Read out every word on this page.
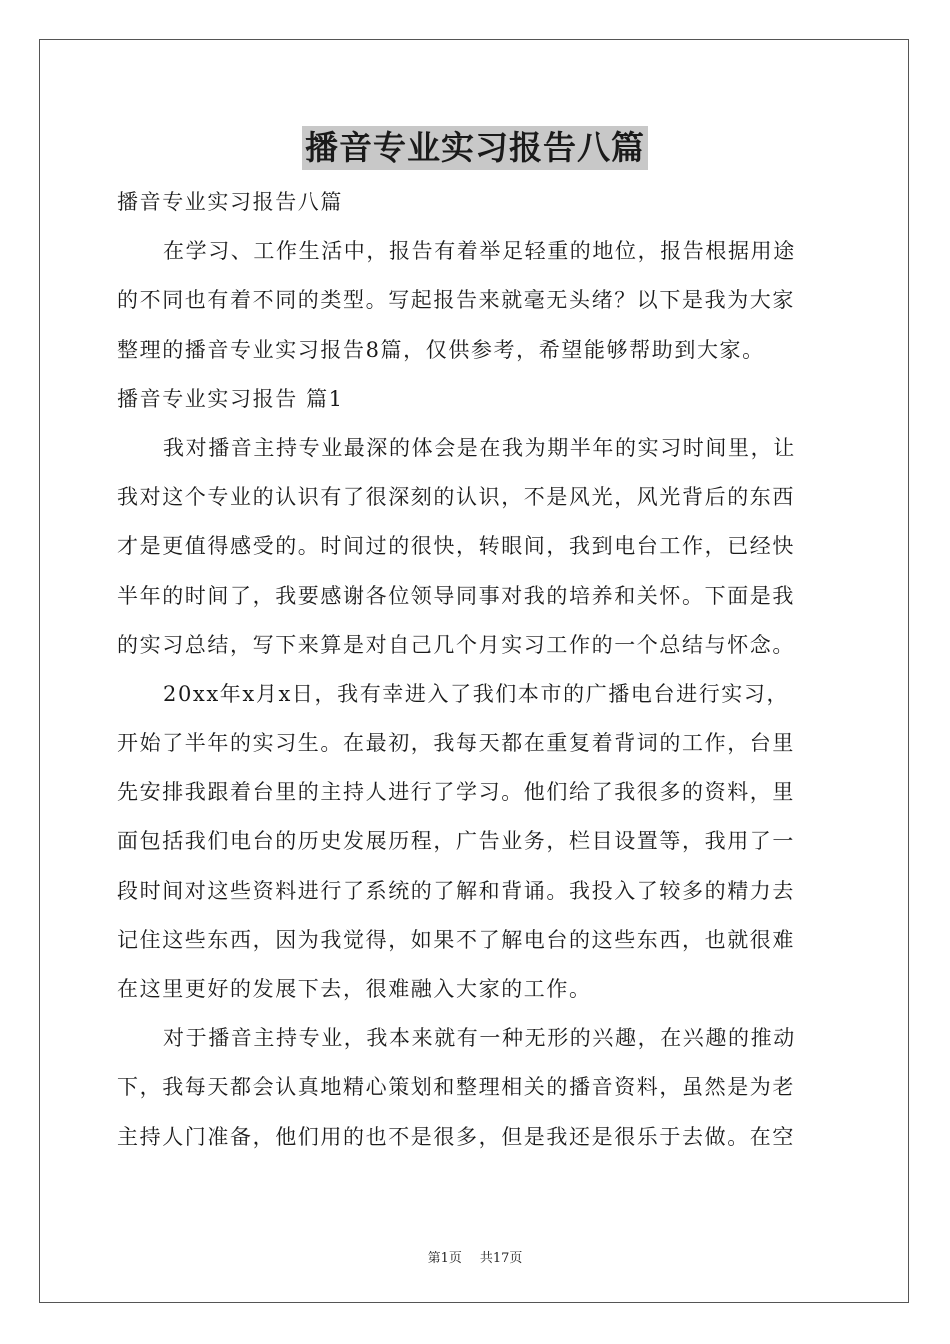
播音专业实习报告八篇
播音专业实习报告八篇
在学习、工作生活中，报告有着举足轻重的地位，报告根据用途
的不同也有着不同的类型。写起报告来就毫无头绪？以下是我为大家
整理的播音专业实习报告8篇，仅供参考，希望能够帮助到大家。
播音专业实习报告 篇1
我对播音主持专业最深的体会是在我为期半年的实习时间里，让
我对这个专业的认识有了很深刻的认识，不是风光，风光背后的东西
才是更值得感受的。时间过的很快，转眼间，我到电台工作，已经快
半年的时间了，我要感谢各位领导同事对我的培养和关怀。下面是我
的实习总结，写下来算是对自己几个月实习工作的一个总结与怀念。
20xx年x月x日，我有幸进入了我们本市的广播电台进行实习，
开始了半年的实习生。在最初，我每天都在重复着背词的工作，台里
先安排我跟着台里的主持人进行了学习。他们给了我很多的资料，里
面包括我们电台的历史发展历程，广告业务，栏目设置等，我用了一
段时间对这些资料进行了系统的了解和背诵。我投入了较多的精力去
记住这些东西，因为我觉得，如果不了解电台的这些东西，也就很难
在这里更好的发展下去，很难融入大家的工作。
对于播音主持专业，我本来就有一种无形的兴趣，在兴趣的推动
下，我每天都会认真地精心策划和整理相关的播音资料，虽然是为老
主持人门准备，他们用的也不是很多，但是我还是很乐于去做。在空
第1页 共17页
